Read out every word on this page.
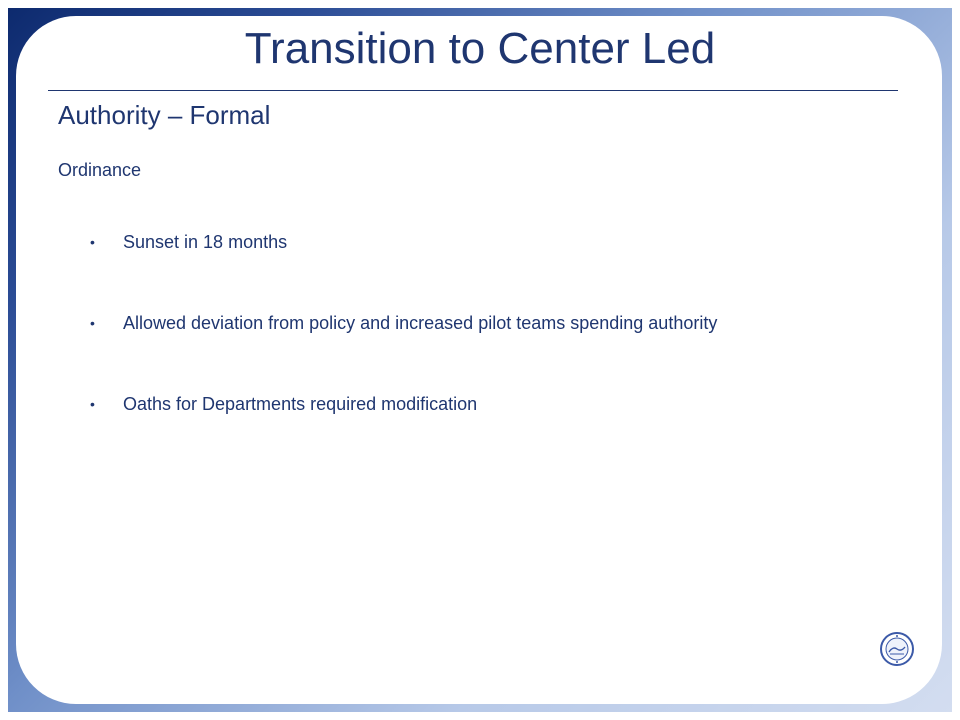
Transition to Center Led
Authority – Formal
Ordinance
• Sunset in 18 months
• Allowed deviation from policy and increased pilot teams spending authority
• Oaths for Departments required modification
